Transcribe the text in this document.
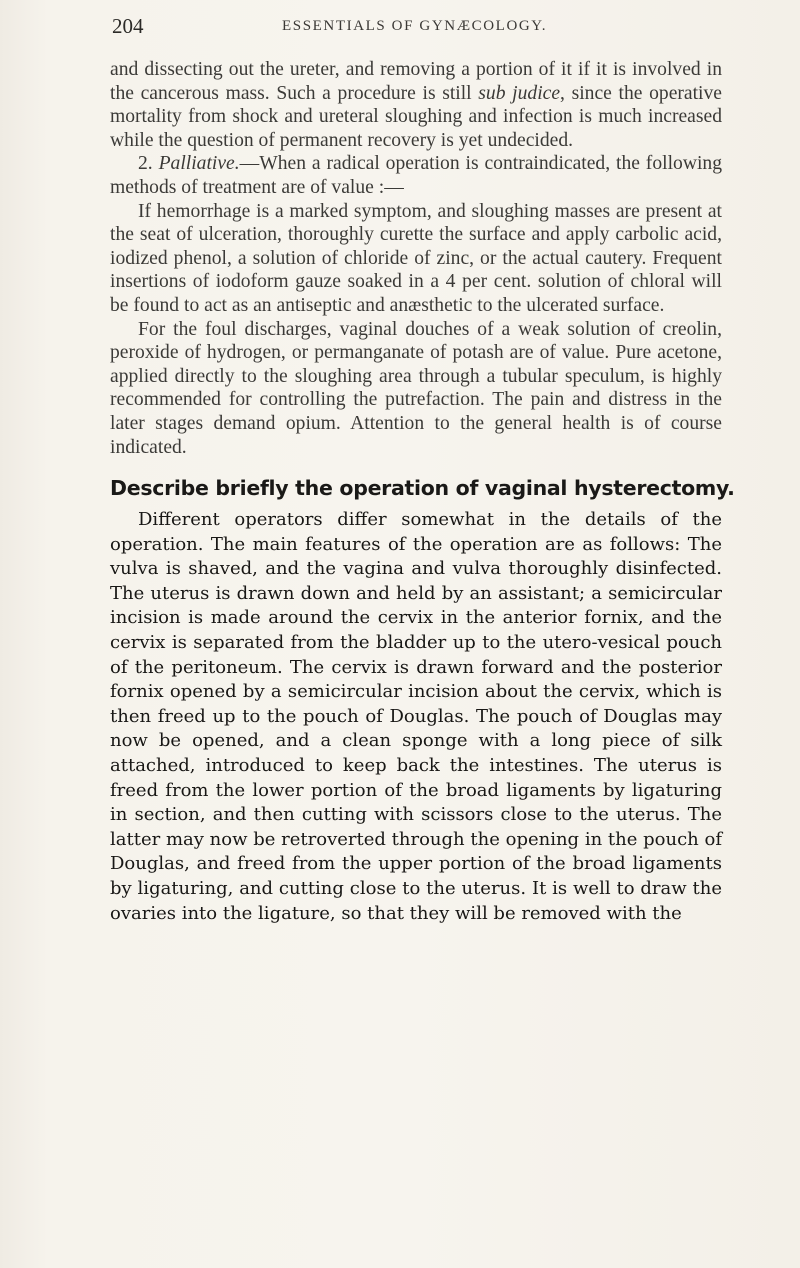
204	ESSENTIALS OF GYNÆCOLOGY.

and dissecting out the ureter, and removing a portion of it if it is involved in the cancerous mass. Such a procedure is still sub judice, since the operative mortality from shock and ureteral sloughing and infection is much increased while the question of permanent recovery is yet undecided.

2. Palliative.—When a radical operation is contraindicated, the following methods of treatment are of value :—

If hemorrhage is a marked symptom, and sloughing masses are present at the seat of ulceration, thoroughly curette the surface and apply carbolic acid, iodized phenol, a solution of chloride of zinc, or the actual cautery. Frequent insertions of iodoform gauze soaked in a 4 per cent. solution of chloral will be found to act as an antiseptic and anæsthetic to the ulcerated surface.

For the foul discharges, vaginal douches of a weak solution of creolin, peroxide of hydrogen, or permanganate of potash are of value. Pure acetone, applied directly to the sloughing area through a tubular speculum, is highly recommended for controlling the putrefaction. The pain and distress in the later stages demand opium. Attention to the general health is of course indicated.

Describe briefly the operation of vaginal hysterectomy.

Different operators differ somewhat in the details of the operation. The main features of the operation are as follows: The vulva is shaved, and the vagina and vulva thoroughly disinfected. The uterus is drawn down and held by an assistant; a semicircular incision is made around the cervix in the anterior fornix, and the cervix is separated from the bladder up to the utero-vesical pouch of the peritoneum. The cervix is drawn forward and the posterior fornix opened by a semicircular incision about the cervix, which is then freed up to the pouch of Douglas. The pouch of Douglas may now be opened, and a clean sponge with a long piece of silk attached, introduced to keep back the intestines. The uterus is freed from the lower portion of the broad ligaments by ligaturing in section, and then cutting with scissors close to the uterus. The latter may now be retroverted through the opening in the pouch of Douglas, and freed from the upper portion of the broad ligaments by ligaturing, and cutting close to the uterus. It is well to draw the ovaries into the ligature, so that they will be removed with the
